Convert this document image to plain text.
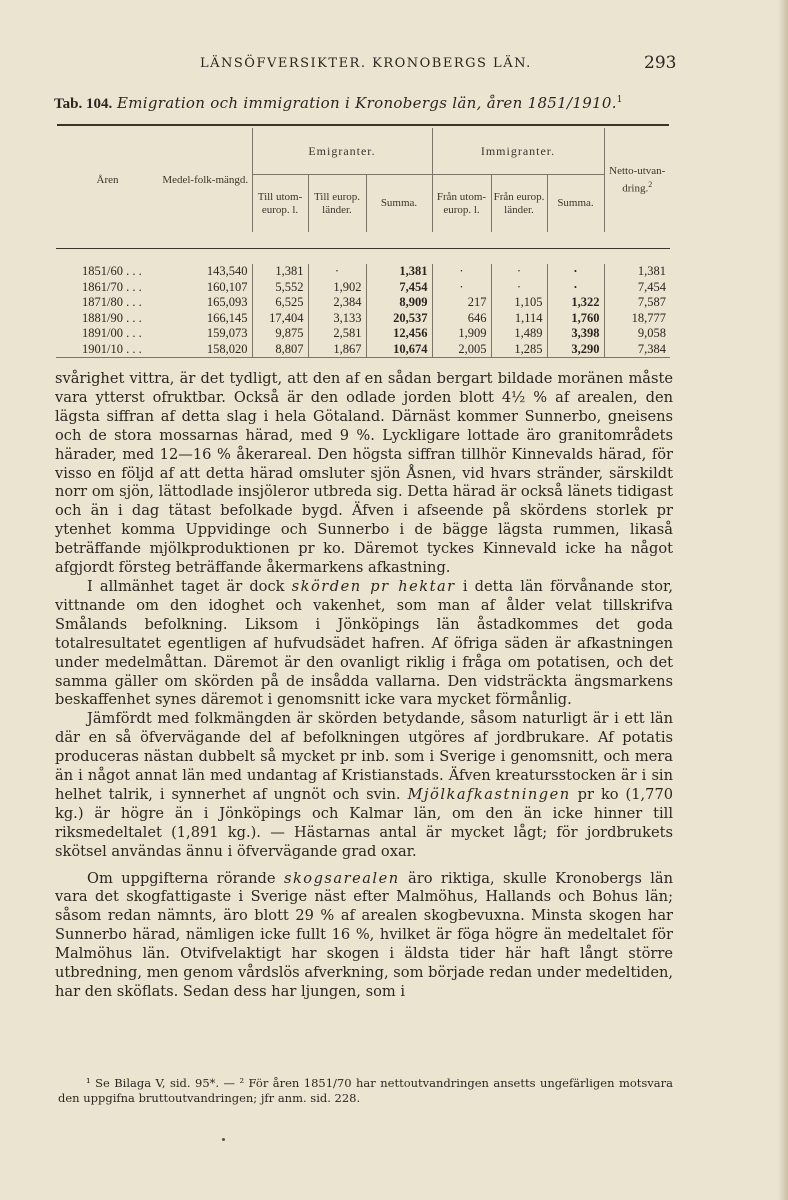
LÄNSÖFVERSIKTER. KRONOBERGS LÄN.	293
Tab. 104. Emigration och immigration i Kronobergs län, åren 1851/1910.$^1$
Åren	Medel-folk-mängd.	Emigranter.			Immigranter.			Netto-utvan-dring.$^2$
		Till utom-europ. l.	Till europ. länder.	Summa.	Från utom-europ. l.	Från europ. länder.	Summa.	

1851/60 . . .	143,540	1,381	·	1,381	·	·	·	1,381
1861/70 . . .	160,107	5,552	1,902	7,454	·	·	·	7,454
1871/80 . . .	165,093	6,525	2,384	8,909	217	1,105	1,322	7,587
1881/90 . . .	166,145	17,404	3,133	20,537	646	1,114	1,760	18,777
1891/00 . . .	159,073	9,875	2,581	12,456	1,909	1,489	3,398	9,058
1901/10 . . .	158,020	8,807	1,867	10,674	2,005	1,285	3,290	7,384

svårighet vittra, är det tydligt, att den af en sådan bergart bildade moränen måste vara ytterst ofruktbar. Också är den odlade jorden blott 4½ % af arealen, den lägsta siffran af detta slag i hela Götaland. Därnäst kommer Sunnerbo, gneisens och de stora mossarnas härad, med 9 %. Lyckligare lottade äro granitområdets härader, med 12—16 % åkerareal. Den högsta siffran tillhör Kinnevalds härad, för visso en följd af att detta härad omsluter sjön Åsnen, vid hvars stränder, särskildt norr om sjön, lättodlade insjöleror utbreda sig. Detta härad är också länets tidigast och än i dag tätast befolkade bygd. Äfven i afseende på skördens storlek pr ytenhet komma Uppvidinge och Sunnerbo i de bägge lägsta rummen, likaså beträffande mjölkproduktionen pr ko. Däremot tyckes Kinnevald icke ha något afgjordt försteg beträffande åkermarkens afkastning.

I allmänhet taget är dock skörden pr hektar i detta län förvånande stor, vittnande om den idoghet och vakenhet, som man af ålder velat tillskrifva Smålands befolkning. Liksom i Jönköpings län åstadkommes det goda totalresultatet egentligen af hufvudsädet hafren. Af öfriga säden är afkastningen under medelmåttan. Däremot är den ovanligt riklig i fråga om potatisen, och det samma gäller om skörden på de insådda vallarna. Den vidsträckta ängsmarkens beskaffenhet synes däremot i genomsnitt icke vara mycket förmånlig.

Jämfördt med folkmängden är skörden betydande, såsom naturligt är i ett län där en så öfvervägande del af befolkningen utgöres af jordbrukare. Af potatis produceras nästan dubbelt så mycket pr inb. som i Sverige i genomsnitt, och mera än i något annat län med undantag af Kristianstads. Äfven kreatursstocken är i sin helhet talrik, i synnerhet af ungnöt och svin. Mjölkafkastningen pr ko (1,770 kg.) är högre än i Jönköpings och Kalmar län, om den än icke hinner till riksmedeltalet (1,891 kg.). — Hästarnas antal är mycket lågt; för jordbrukets skötsel användas ännu i öfvervägande grad oxar.

Om uppgifterna rörande skogsarealen äro riktiga, skulle Kronobergs län vara det skogfattigaste i Sverige näst efter Malmöhus, Hallands och Bohus län; såsom redan nämnts, äro blott 29 % af arealen skogbevuxna. Minsta skogen har Sunnerbo härad, nämligen icke fullt 16 %, hvilket är föga högre än medeltalet för Malmöhus län. Otvifvelaktigt har skogen i äldsta tider här haft långt större utbredning, men genom vårdslös afverkning, som började redan under medeltiden, har den sköflats. Sedan dess har ljungen, som i

¹ Se Bilaga V, sid. 95*. — ² För åren 1851/70 har nettoutvandringen ansetts ungefärligen motsvara den uppgifna bruttoutvandringen; jfr anm. sid. 228.
